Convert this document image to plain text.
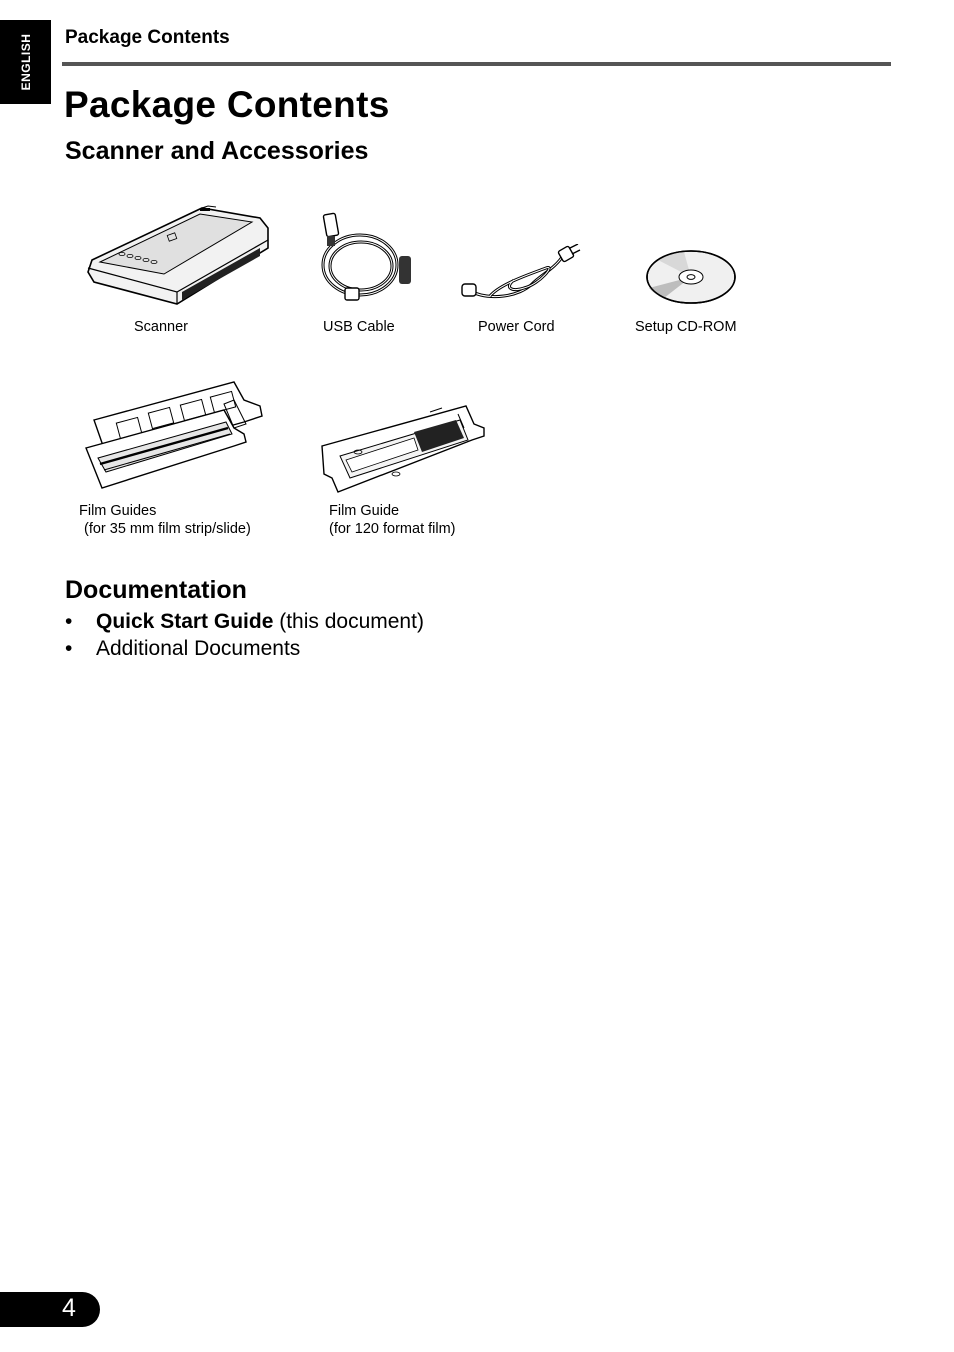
ENGLISH Package Contents
Package Contents
Scanner and Accessories
Scanner	USB Cable	Power Cord	Setup CD-ROM
Film Guides
(for 35 mm film strip/slide)
Film Guide
(for 120 format film)
Documentation
• Quick Start Guide (this document)
• Additional Documents
4
